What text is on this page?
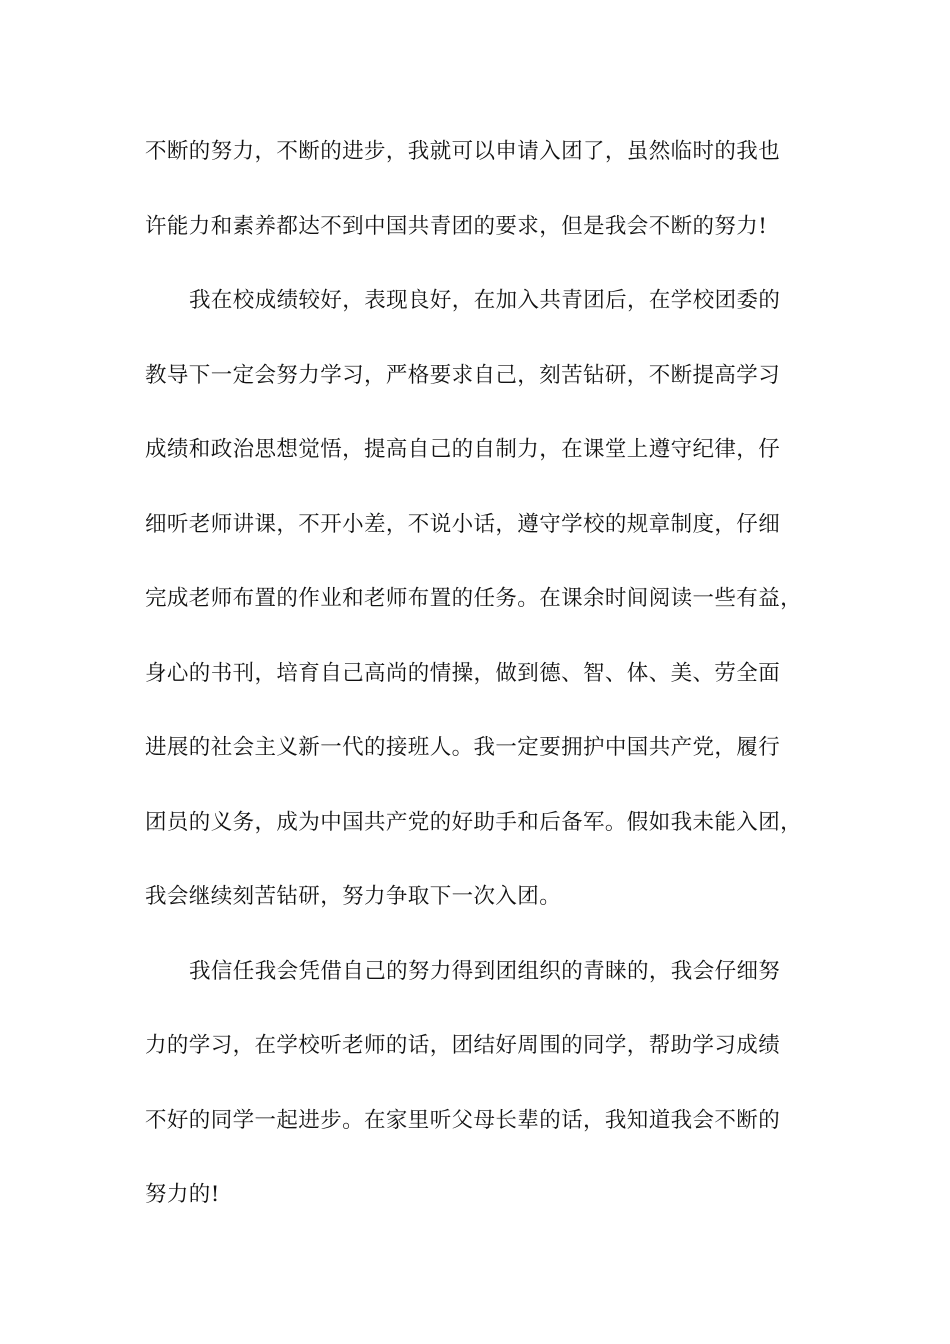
不断的努力，不断的进步，我就可以申请入团了，虽然临时的我也
许能力和素养都达不到中国共青团的要求，但是我会不断的努力!
我在校成绩较好，表现良好，在加入共青团后，在学校团委的
教导下一定会努力学习，严格要求自己，刻苦钻研，不断提高学习
成绩和政治思想觉悟，提高自己的自制力，在课堂上遵守纪律，仔
细听老师讲课，不开小差，不说小话，遵守学校的规章制度，仔细
完成老师布置的作业和老师布置的任务。在课余时间阅读一些有益，
身心的书刊，培育自己高尚的情操，做到德、智、体、美、劳全面
进展的社会主义新一代的接班人。我一定要拥护中国共产党，履行
团员的义务，成为中国共产党的好助手和后备军。假如我未能入团，
我会继续刻苦钻研，努力争取下一次入团。
我信任我会凭借自己的努力得到团组织的青睐的，我会仔细努
力的学习，在学校听老师的话，团结好周围的同学，帮助学习成绩
不好的同学一起进步。在家里听父母长辈的话，我知道我会不断的
努力的!
